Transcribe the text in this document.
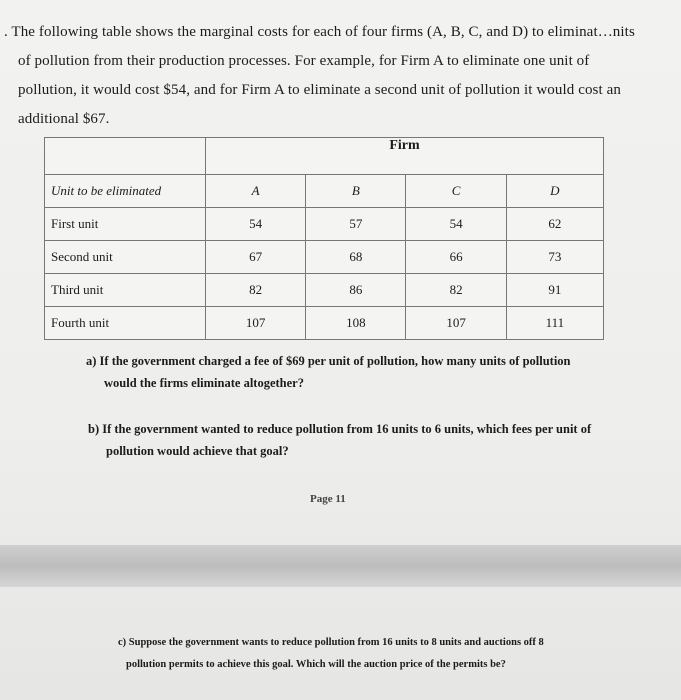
. The following table shows the marginal costs for each of four firms (A, B, C, and D) to eliminat…nits
of pollution from their production processes. For example, for Firm A to eliminate one unit of
pollution, it would cost $54, and for Firm A to eliminate a second unit of pollution it would cost an
additional $67.
	Firm			
Unit to be eliminated	A	B	C	D
First unit	54	57	54	62
Second unit	67	68	66	73
Third unit	82	86	82	91
Fourth unit	107	108	107	111
a) If the government charged a fee of $69 per unit of pollution, how many units of pollution
would the firms eliminate altogether?
b) If the government wanted to reduce pollution from 16 units to 6 units, which fees per unit of
pollution would achieve that goal?
Page 11
c) Suppose the government wants to reduce pollution from 16 units to 8 units and auctions off 8
pollution permits to achieve this goal. Which will the auction price of the permits be?
